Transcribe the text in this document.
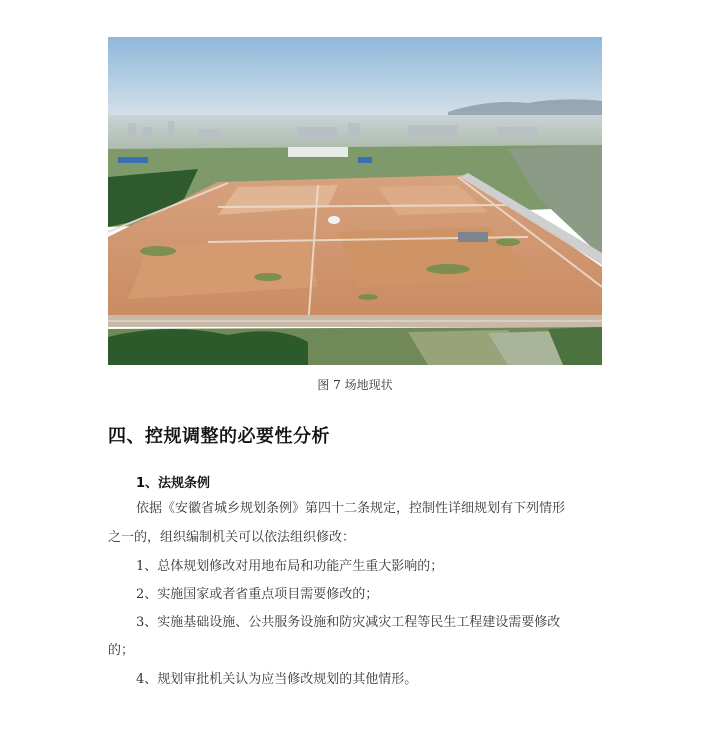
图 7 场地现状
四、控规调整的必要性分析
1、法规条例
依据《安徽省城乡规划条例》第四十二条规定，控制性详细规划有下列情形
之一的，组织编制机关可以依法组织修改：
1、总体规划修改对用地布局和功能产生重大影响的；
2、实施国家或者省重点项目需要修改的；
3、实施基础设施、公共服务设施和防灾减灾工程等民生工程建设需要修改
的；
4、规划审批机关认为应当修改规划的其他情形。
